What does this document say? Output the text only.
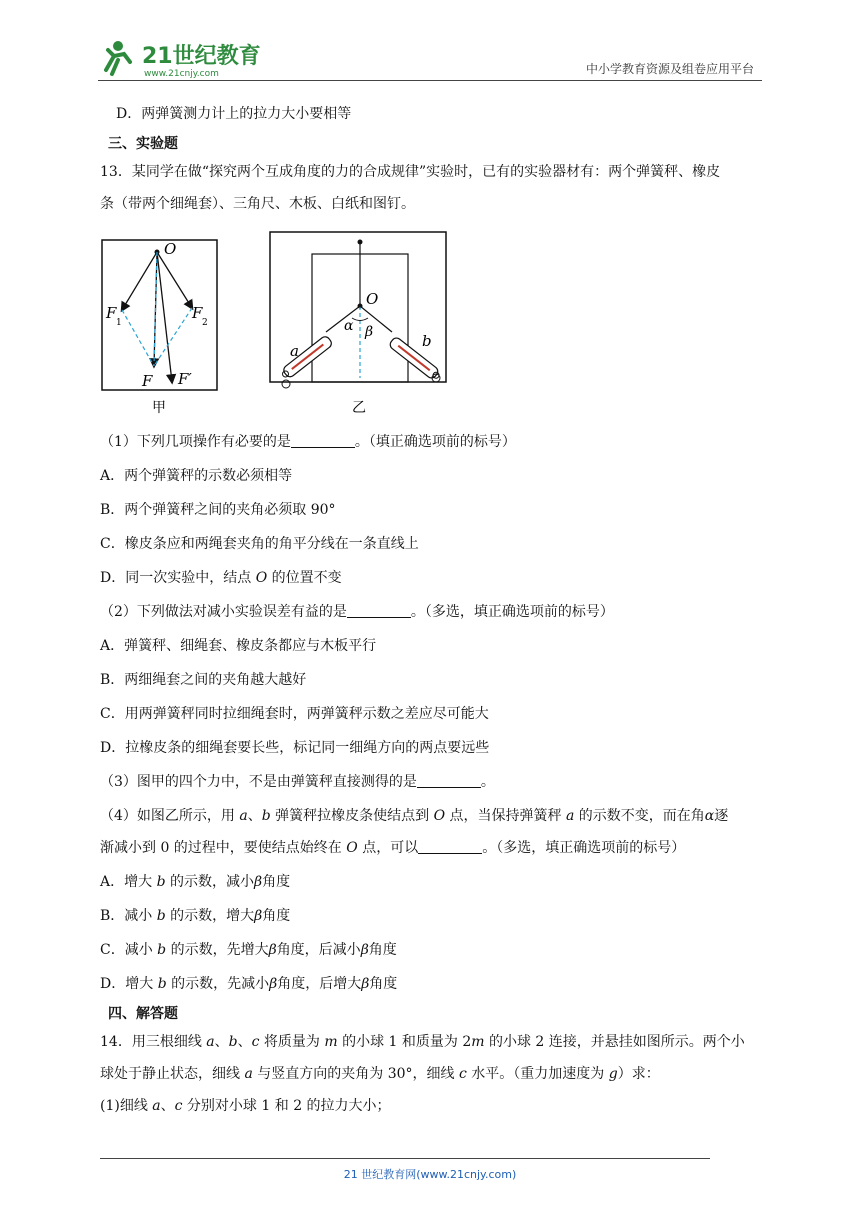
21世纪教育
www.21cnjy.com	中小学教育资源及组卷应用平台
D．两弹簧测力计上的拉力大小要相等
三、实验题
13．某同学在做“探究两个互成角度的力的合成规律”实验时，已有的实验器材有：两个弹簧秤、橡皮
条（带两个细绳套）、三角尺、木板、白纸和图钉。
O
F
1
F
2
F F′
甲
O
α β
a
b
乙
（1）下列几项操作有必要的是	。（填正确选项前的标号）
A．两个弹簧秤的示数必须相等
B．两个弹簧秤之间的夹角必须取 90°
C．橡皮条应和两绳套夹角的角平分线在一条直线上
D．同一次实验中，结点 O 的位置不变
（2）下列做法对减小实验误差有益的是	。（多选，填正确选项前的标号）
A．弹簧秤、细绳套、橡皮条都应与木板平行
B．两细绳套之间的夹角越大越好
C．用两弹簧秤同时拉细绳套时，两弹簧秤示数之差应尽可能大
D．拉橡皮条的细绳套要长些，标记同一细绳方向的两点要远些
（3）图甲的四个力中，不是由弹簧秤直接测得的是	。
（4）如图乙所示，用 a、b 弹簧秤拉橡皮条使结点到 O 点，当保持弹簧秤 a 的示数不变，而在角α逐
渐减小到 0 的过程中，要使结点始终在 O 点，可以	。（多选，填正确选项前的标号）
A．增大 b 的示数，减小β角度
B．减小 b 的示数，增大β角度
C．减小 b 的示数，先增大β角度，后减小β角度
D．增大 b 的示数，先减小β角度，后增大β角度
四、解答题
14．用三根细线 a、b、c 将质量为 m 的小球 1 和质量为 2m 的小球 2 连接，并悬挂如图所示。两个小
球处于静止状态，细线 a 与竖直方向的夹角为 30°，细线 c 水平。（重力加速度为 g）求：
(1)细线 a、c 分别对小球 1 和 2 的拉力大小；
21 世纪教育网(www.21cnjy.com)
